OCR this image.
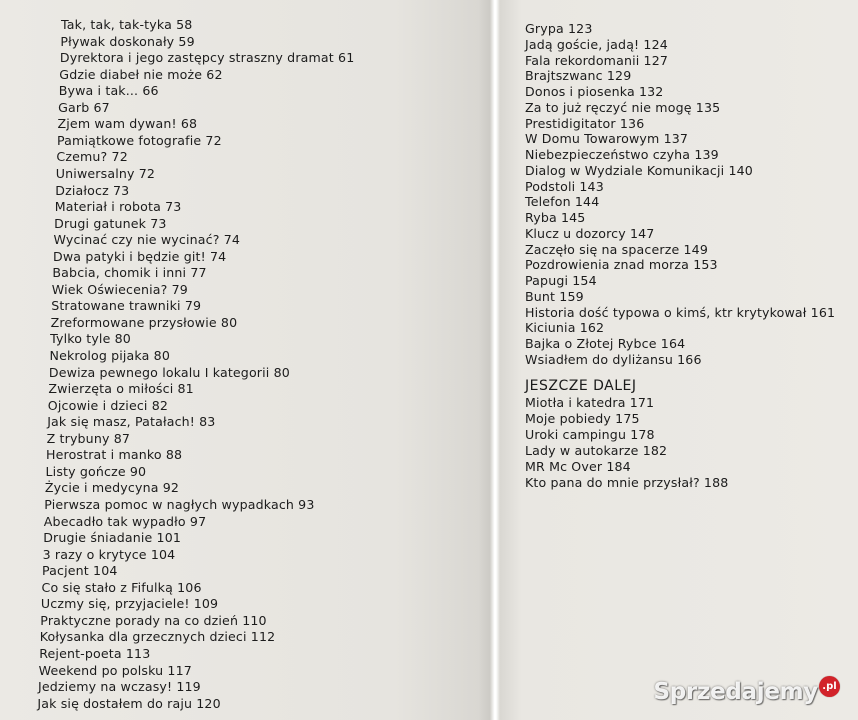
Tak, tak, tak-tyka 58
Pływak doskonały 59
Dyrektora i jego zastępcy straszny dramat 61
Gdzie diabeł nie może 62
Bywa i tak... 66
Garb 67
Zjem wam dywan! 68
Pamiątkowe fotografie 72
Czemu? 72
Uniwersalny 72
Działocz 73
Materiał i robota 73
Drugi gatunek 73
Wycinać czy nie wycinać? 74
Dwa patyki i będzie git! 74
Babcia, chomik i inni 77
Wiek Oświecenia? 79
Stratowane trawniki 79
Zreformowane przysłowie 80
Tylko tyle 80
Nekrolog pijaka 80
Dewiza pewnego lokalu I kategorii 80
Zwierzęta o miłości 81
Ojcowie i dzieci 82
Jak się masz, Patałach! 83
Z trybuny 87
Herostrat i manko 88
Listy gończe 90
Życie i medycyna 92
Pierwsza pomoc w nagłych wypadkach 93
Abecadło tak wypadło 97
Drugie śniadanie 101
3 razy o krytyce 104
Pacjent 104
Co się stało z Fifulką 106
Uczmy się, przyjaciele! 109
Praktyczne porady na co dzień 110
Kołysanka dla grzecznych dzieci 112
Rejent-poeta 113
Weekend po polsku 117
Jedziemy na wczasy! 119
Jak się dostałem do raju 120
Grypa 123
Jadą goście, jadą! 124
Fala rekordomanii 127
Brajtszwanc 129
Donos i piosenka 132
Za to już ręczyć nie mogę 135
Prestidigitator 136
W Domu Towarowym 137
Niebezpieczeństwo czyha 139
Dialog w Wydziale Komunikacji 140
Podstoli 143
Telefon 144
Ryba 145
Klucz u dozorcy 147
Zaczęło się na spacerze 149
Pozdrowienia znad morza 153
Papugi 154
Bunt 159
Historia dość typowa o kimś, ktr krytykował 161
Kiciunia 162
Bajka o Złotej Rybce 164
Wsiadłem do dyliżansu 166
JESZCZE DALEJ
Miotła i katedra 171
Moje pobiedy 175
Uroki campingu 178
Lady w autokarze 182
MR Mc Over 184
Kto pana do mnie przysłał? 188
Sprzedajemy .pl
